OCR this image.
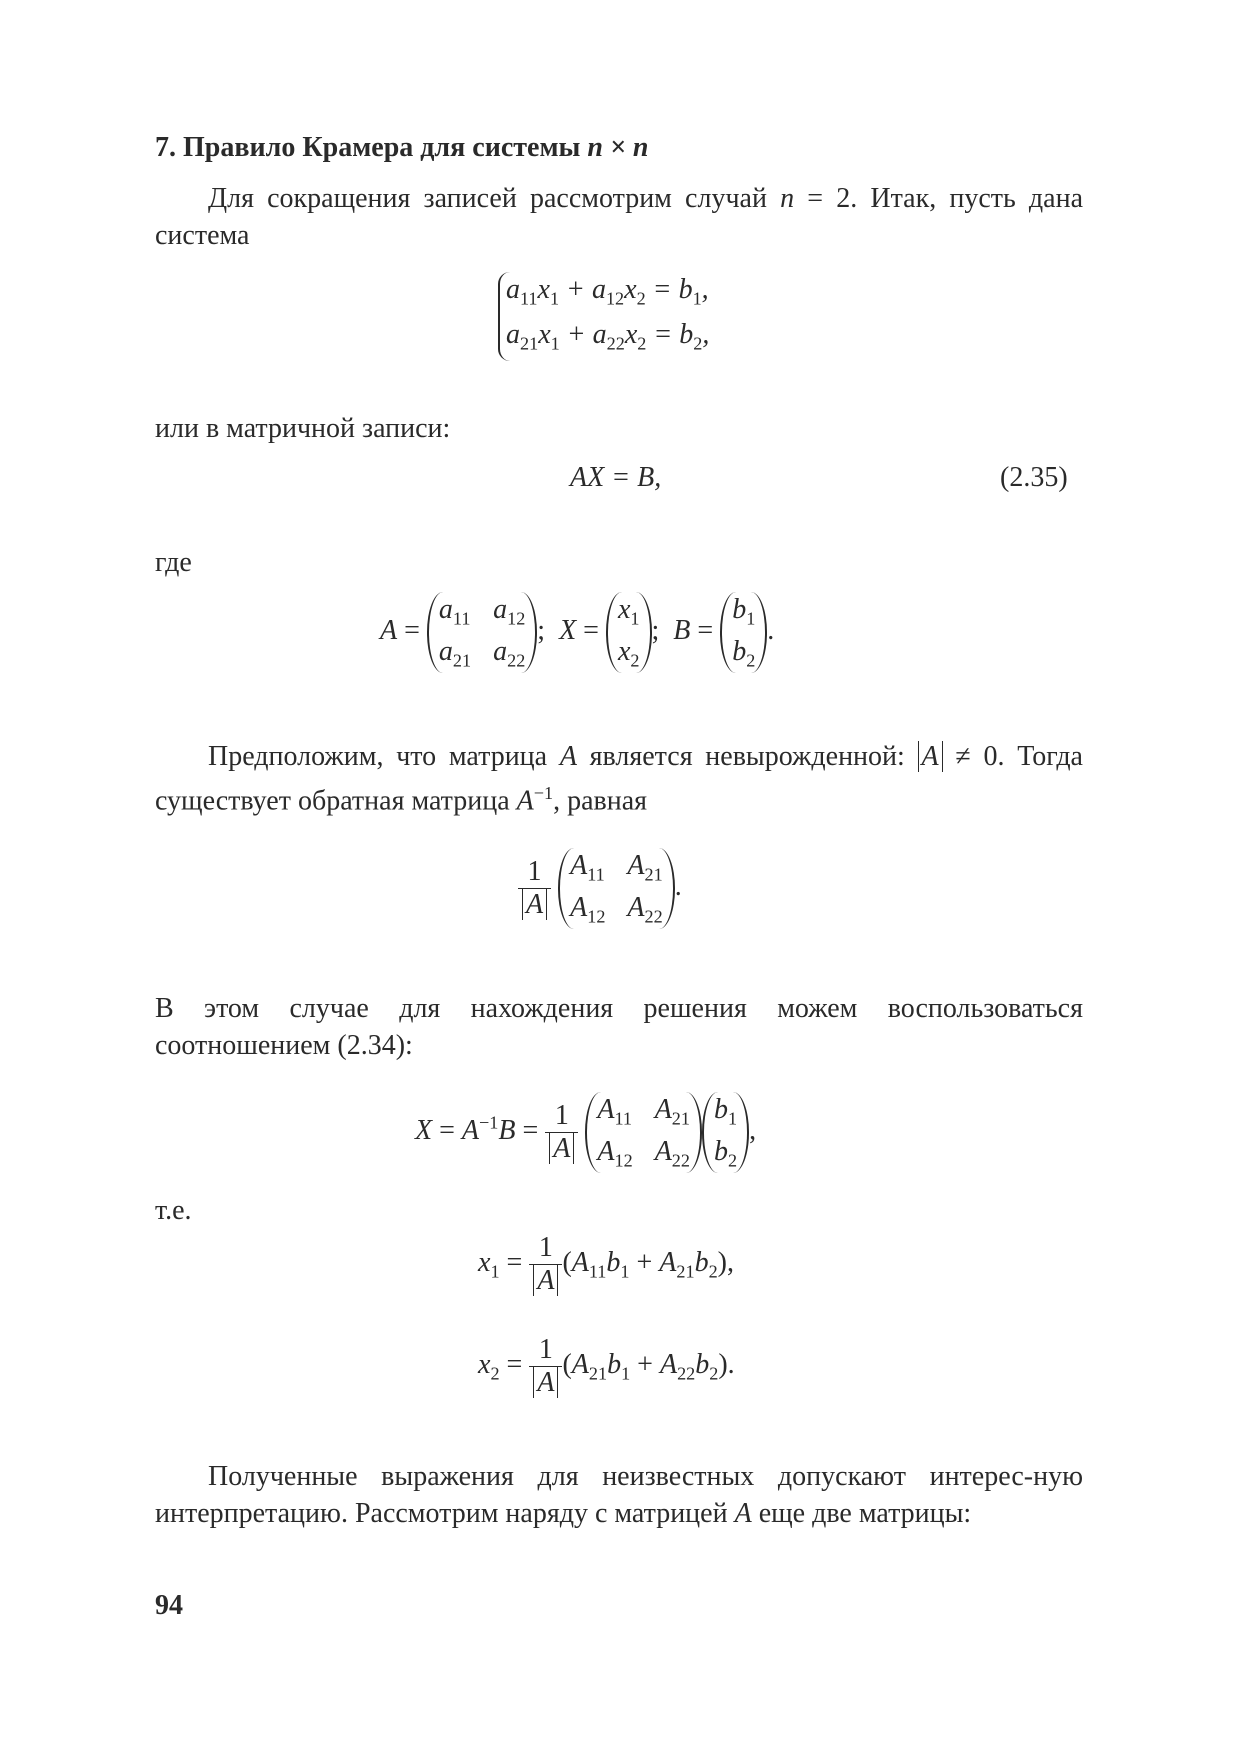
7. Правило Крамера для системы n × n
Для сокращения записей рассмотрим случай n = 2. Итак, пусть дана система
$a_{11}x_1 + a_{12}x_2 = b_1$,
$a_{21}x_1 + a_{22}x_2 = b_2$,
или в матричной записи:
AX = B,	(2.35)
где
A =
$a_{11}$ $a_{12}$
$a_{21}$ $a_{22}$
;  X =
$x_1$
$x_2$
;  B =
$b_1$
$b_2$
.
Предположим, что матрица A является невырожденной: A ≠ 0. Тогда существует обратная матрица $A^{-1}$, равная
$\frac{1}{A}$
$A_{11}$ $A_{21}$
$A_{12}$ $A_{22}$
.
В этом случае для нахождения решения можем воспользоваться соотношением (2.34):
$X = A^{-1}B = \frac{1}{A}$
$A_{11}$ $A_{21}$
$A_{12}$ $A_{22}$
$b_1$
$b_2$
,
т.е.
$x_1 = \frac{1}{A} (A_{11}b_1 + A_{21}b_2)$,
$x_2 = \frac{1}{A} (A_{21}b_1 + A_{22}b_2)$.
Полученные выражения для неизвестных допускают интерес-ную интерпретацию. Рассмотрим наряду с матрицей A еще две матрицы:
94
